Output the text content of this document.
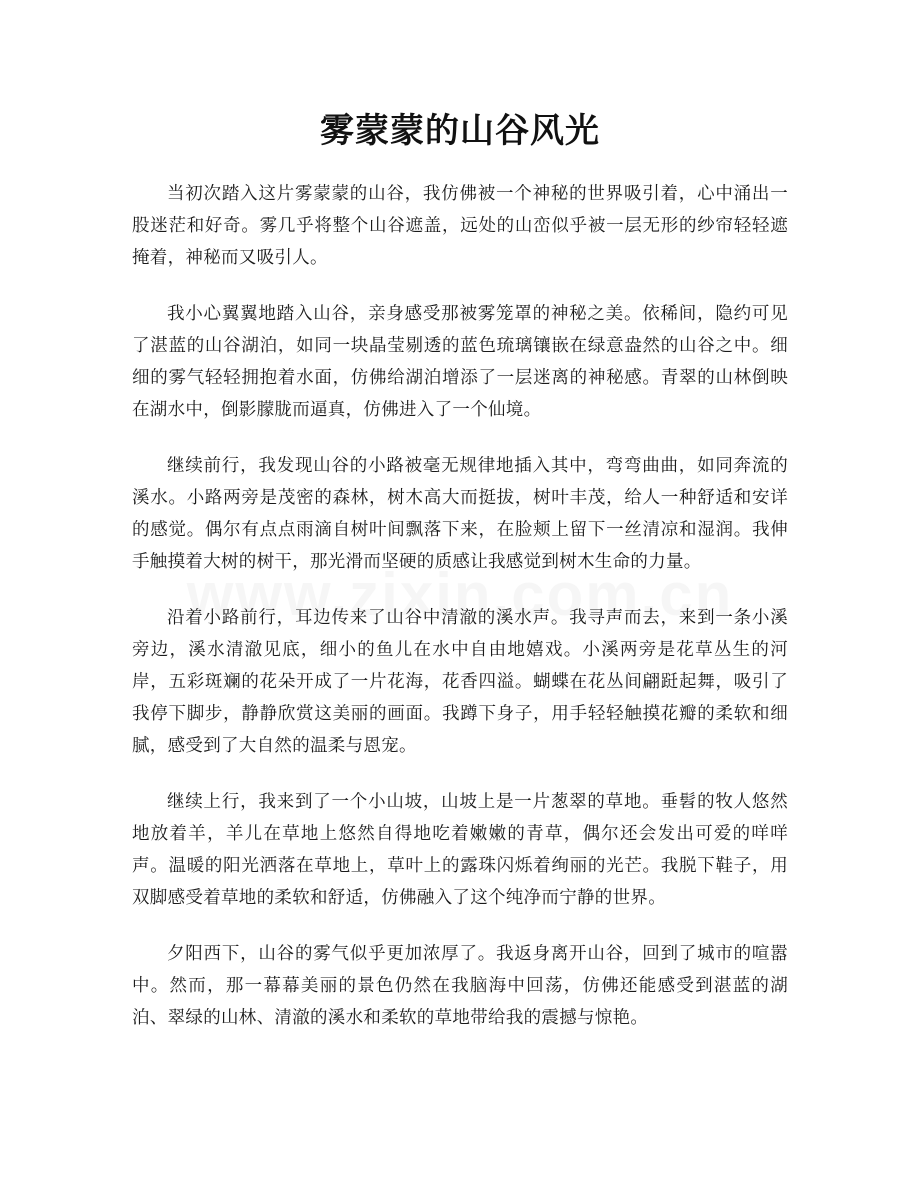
雾蒙蒙的山谷风光

当初次踏入这片雾蒙蒙的山谷，我仿佛被一个神秘的世界吸引着，心中涌出一股迷茫和好奇。雾几乎将整个山谷遮盖，远处的山峦似乎被一层无形的纱帘轻轻遮掩着，神秘而又吸引人。

我小心翼翼地踏入山谷，亲身感受那被雾笼罩的神秘之美。依稀间，隐约可见了湛蓝的山谷湖泊，如同一块晶莹剔透的蓝色琉璃镶嵌在绿意盎然的山谷之中。细细的雾气轻轻拥抱着水面，仿佛给湖泊增添了一层迷离的神秘感。青翠的山林倒映在湖水中，倒影朦胧而逼真，仿佛进入了一个仙境。

继续前行，我发现山谷的小路被毫无规律地插入其中，弯弯曲曲，如同奔流的溪水。小路两旁是茂密的森林，树木高大而挺拔，树叶丰茂，给人一种舒适和安详的感觉。偶尔有点点雨滴自树叶间飘落下来，在脸颊上留下一丝清凉和湿润。我伸手触摸着大树的树干，那光滑而坚硬的质感让我感觉到树木生命的力量。

沿着小路前行，耳边传来了山谷中清澈的溪水声。我寻声而去，来到一条小溪旁边，溪水清澈见底，细小的鱼儿在水中自由地嬉戏。小溪两旁是花草丛生的河岸，五彩斑斓的花朵开成了一片花海，花香四溢。蝴蝶在花丛间翩跹起舞，吸引了我停下脚步，静静欣赏这美丽的画面。我蹲下身子，用手轻轻触摸花瓣的柔软和细腻，感受到了大自然的温柔与恩宠。

继续上行，我来到了一个小山坡，山坡上是一片葱翠的草地。垂髫的牧人悠然地放着羊，羊儿在草地上悠然自得地吃着嫩嫩的青草，偶尔还会发出可爱的咩咩声。温暖的阳光洒落在草地上，草叶上的露珠闪烁着绚丽的光芒。我脱下鞋子，用双脚感受着草地的柔软和舒适，仿佛融入了这个纯净而宁静的世界。

夕阳西下，山谷的雾气似乎更加浓厚了。我返身离开山谷，回到了城市的喧嚣中。然而，那一幕幕美丽的景色仍然在我脑海中回荡，仿佛还能感受到湛蓝的湖泊、翠绿的山林、清澈的溪水和柔软的草地带给我的震撼与惊艳。
